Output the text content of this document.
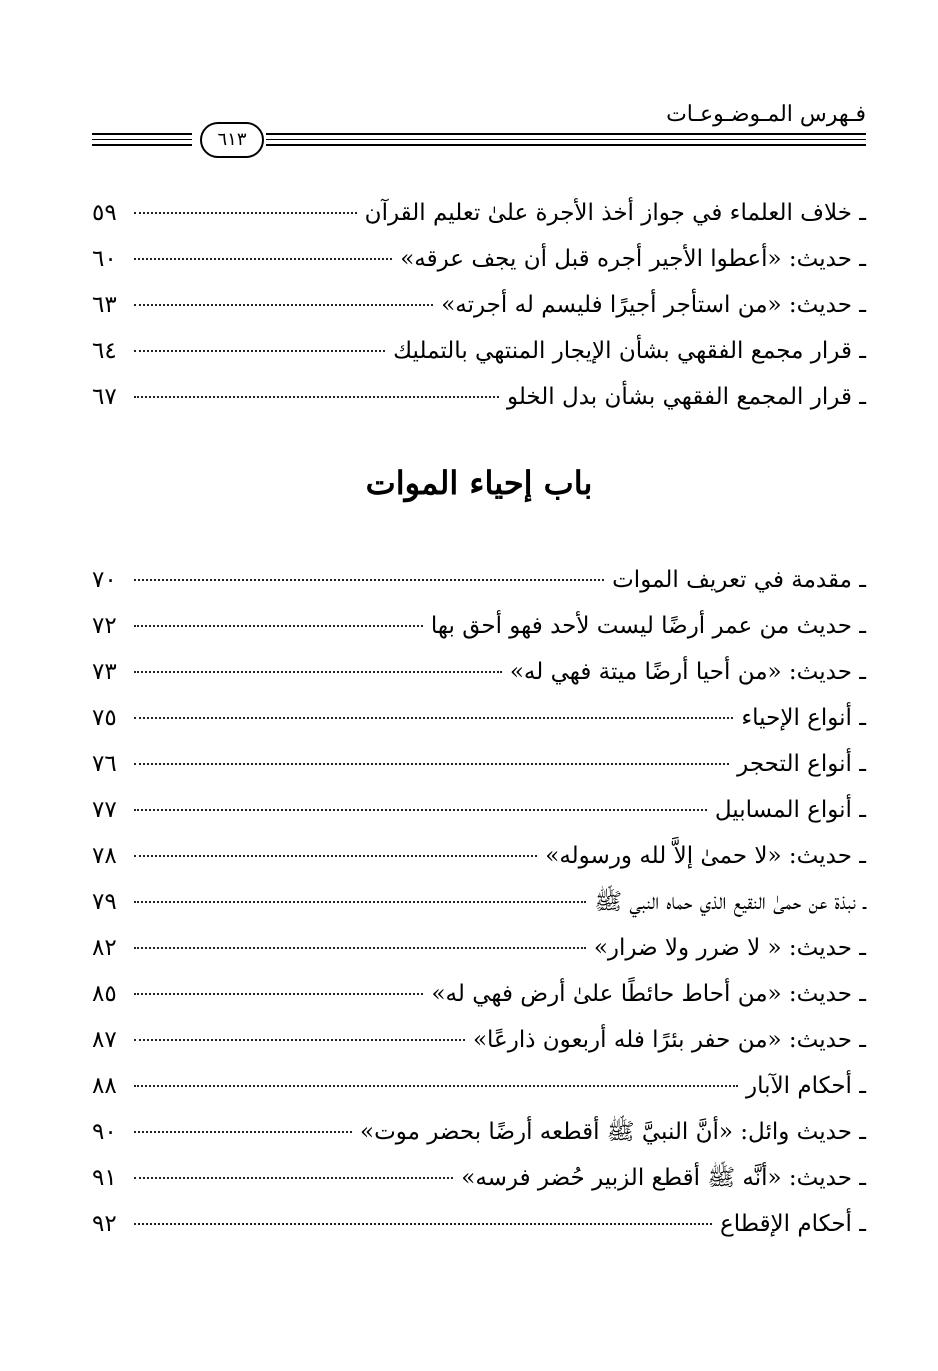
فـهرس المـوضـوعـات
٦١٣
ـ خلاف العلماء في جواز أخذ الأجرة علىٰ تعليم القرآن
٥٩
ـ حديث: «أعطوا الأجير أجره قبل أن يجف عرقه»
٦٠
ـ حديث: «من استأجر أجيرًا فليسم له أجرته»
٦٣
ـ قرار مجمع الفقهي بشأن الإيجار المنتهي بالتمليك
٦٤
ـ قرار المجمع الفقهي بشأن بدل الخلو
٦٧
باب إحياء الموات
ـ مقدمة في تعريف الموات
٧٠
ـ حديث من عمر أرضًا ليست لأحد فهو أحق بها
٧٢
ـ حديث: «من أحيا أرضًا ميتة فهي له»
٧٣
ـ أنواع الإحياء
٧٥
ـ أنواع التحجر
٧٦
ـ أنواع المسابيل
٧٧
ـ حديث: «لا حمىٰ إلاَّ لله ورسوله»
٧٨
ـ نبذة عن حمىٰ النقيع الذي حماه النبي ﷺ
٧٩
ـ حديث: « لا ضرر ولا ضرار»
٨٢
ـ حديث: «من أحاط حائطًا علىٰ أرض فهي له»
٨٥
ـ حديث: «من حفر بئرًا فله أربعون ذارعًا»
٨٧
ـ أحكام الآبار
٨٨
ـ حديث وائل: «أنَّ النبيَّ ﷺ أقطعه أرضًا بحضر موت»
٩٠
ـ حديث: «أنَّه ﷺ أقطع الزبير حُضر فرسه»
٩١
ـ أحكام الإقطاع
٩٢
